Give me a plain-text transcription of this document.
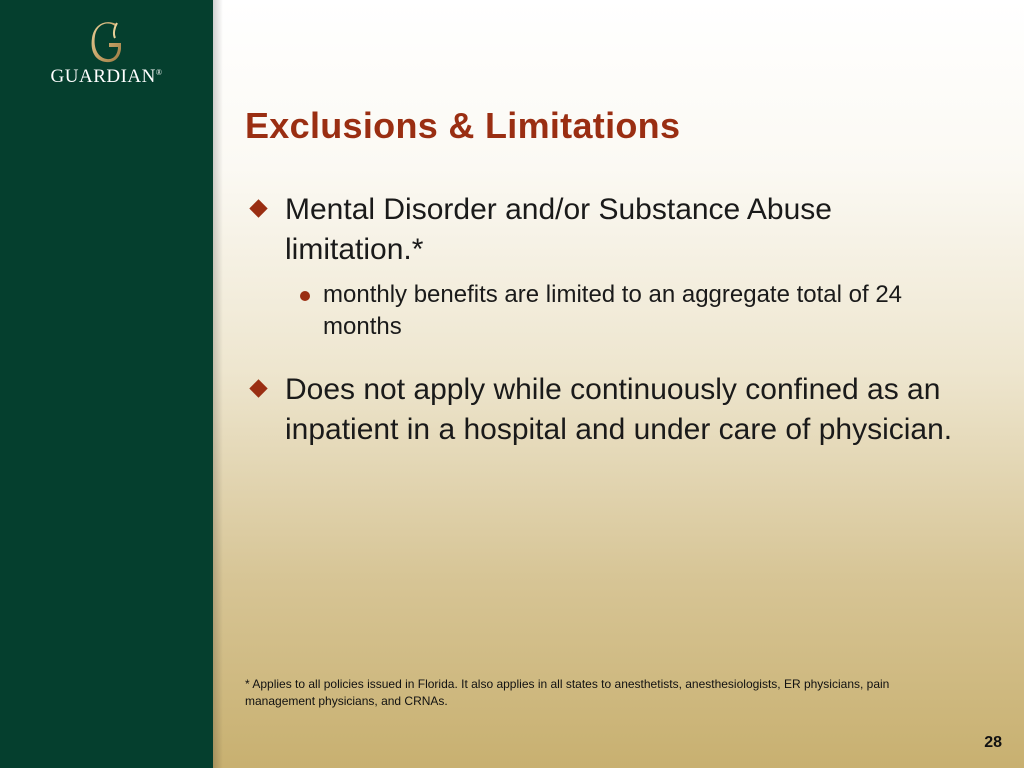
GUARDIAN®
Exclusions & Limitations
Mental Disorder and/or Substance Abuse limitation.*
monthly benefits are limited to an aggregate total of 24 months
Does not apply while continuously confined as an inpatient in a hospital and under care of physician.
* Applies to all policies issued in Florida. It also applies in all states to anesthetists, anesthesiologists, ER physicians, pain management physicians, and CRNAs.
28
